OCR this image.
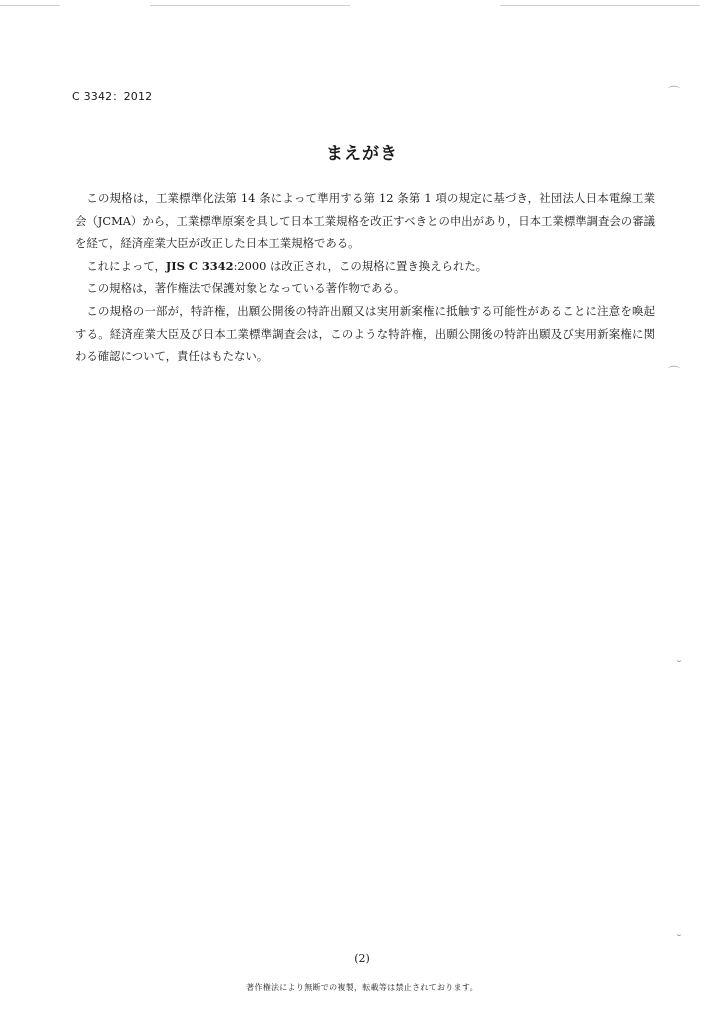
⌒
⌒
˘
˘
C 3342：2012
まえがき

この規格は，工業標準化法第 14 条によって準用する第 12 条第 1 項の規定に基づき，社団法人日本電線工業会（JCMA）から，工業標準原案を具して日本工業規格を改正すべきとの申出があり，日本工業標準調査会の審議を経て，経済産業大臣が改正した日本工業規格である。

これによって，JIS C 3342:2000 は改正され，この規格に置き換えられた。

この規格は，著作権法で保護対象となっている著作物である。

この規格の一部が，特許権，出願公開後の特許出願又は実用新案権に抵触する可能性があることに注意を喚起する。経済産業大臣及び日本工業標準調査会は，このような特許権，出願公開後の特許出願及び実用新案権に関わる確認について，責任はもたない。

(2)
著作権法により無断での複製，転載等は禁止されております。
